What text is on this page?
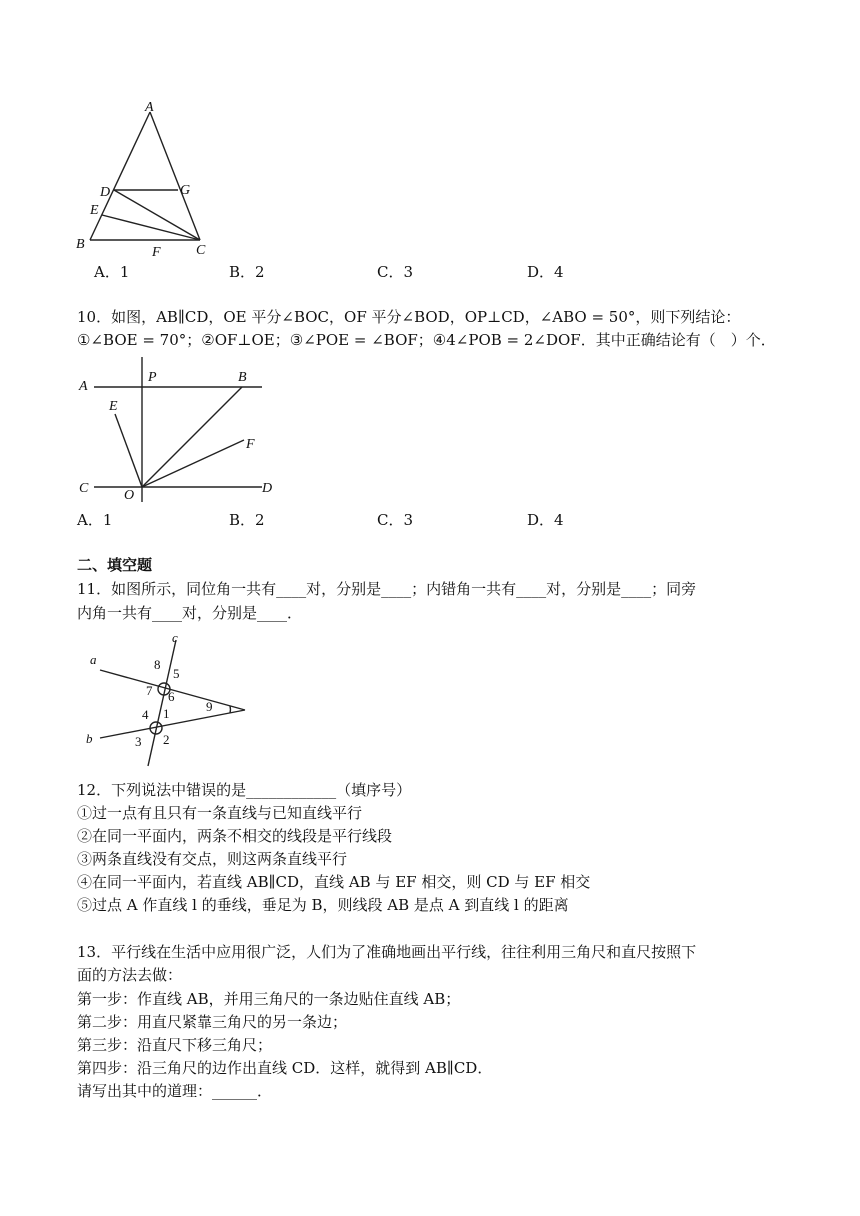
A
D	G
E
B
F	C
A．1	B．2	C．3	D．4
10．如图，AB∥CD，OE 平分∠BOC，OF 平分∠BOD，OP⊥CD，∠ABO = 50°，则下列结论：
①∠BOE = 70°；②OF⊥OE；③∠POE = ∠BOF；④4∠POB = 2∠DOF．其中正确结论有（　）个．
A
P	B
E
F
C	O	D
A．1	B．2	C．3	D．4
二、填空题
11．如图所示，同位角一共有____对，分别是____；内错角一共有____对，分别是____；同旁
内角一共有____对，分别是____．
a
b
c
8
5
7 6
9
4 1
3 2
12．下列说法中错误的是____________（填序号）
①过一点有且只有一条直线与已知直线平行
②在同一平面内，两条不相交的线段是平行线段
③两条直线没有交点，则这两条直线平行
④在同一平面内，若直线 AB∥CD，直线 AB 与 EF 相交，则 CD 与 EF 相交
⑤过点 A 作直线 l 的垂线，垂足为 B，则线段 AB 是点 A 到直线 l 的距离
13．平行线在生活中应用很广泛，人们为了准确地画出平行线，往往利用三角尺和直尺按照下
面的方法去做：
第一步：作直线 AB，并用三角尺的一条边贴住直线 AB；
第二步：用直尺紧靠三角尺的另一条边；
第三步：沿直尺下移三角尺；
第四步：沿三角尺的边作出直线 CD．这样，就得到 AB∥CD．
请写出其中的道理：______．
